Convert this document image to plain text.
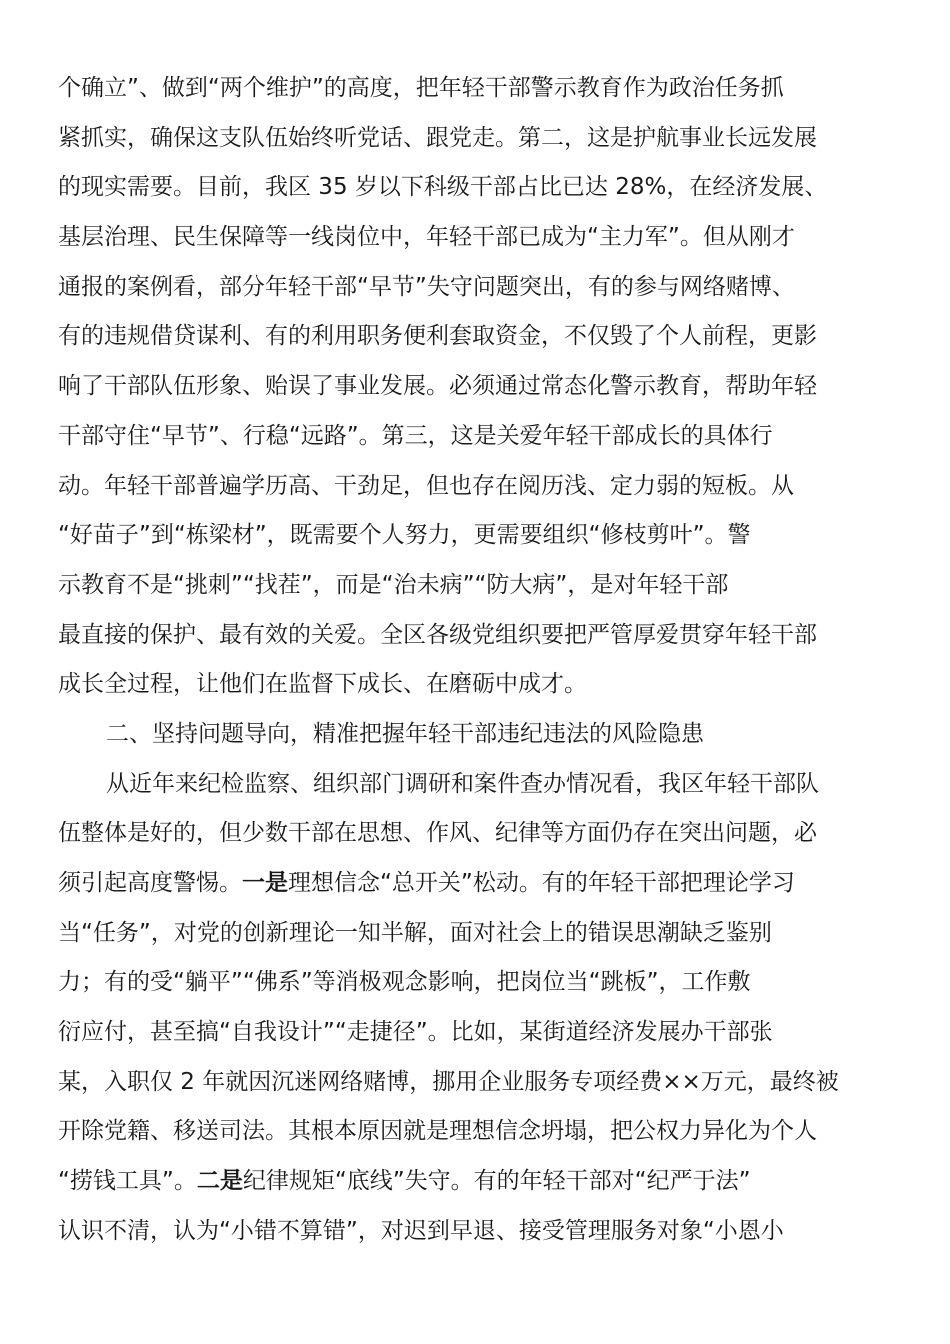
个确立”、做到“两个维护”的高度，把年轻干部警示教育作为政治任务抓
紧抓实，确保这支队伍始终听党话、跟党走。第二，这是护航事业长远发展
的现实需要。目前，我区 35 岁以下科级干部占比已达 28%，在经济发展、
基层治理、民生保障等一线岗位中，年轻干部已成为“主力军”。但从刚才
通报的案例看，部分年轻干部“早节”失守问题突出，有的参与网络赌博、
有的违规借贷谋利、有的利用职务便利套取资金，不仅毁了个人前程，更影
响了干部队伍形象、贻误了事业发展。必须通过常态化警示教育，帮助年轻
干部守住“早节”、行稳“远路”。第三，这是关爱年轻干部成长的具体行
动。年轻干部普遍学历高、干劲足，但也存在阅历浅、定力弱的短板。从
“好苗子”到“栋梁材”，既需要个人努力，更需要组织“修枝剪叶”。警
示教育不是“挑刺”“找茬”，而是“治未病”“防大病”，是对年轻干部
最直接的保护、最有效的关爱。全区各级党组织要把严管厚爱贯穿年轻干部
成长全过程，让他们在监督下成长、在磨砺中成才。
二、坚持问题导向，精准把握年轻干部违纪违法的风险隐患
从近年来纪检监察、组织部门调研和案件查办情况看，我区年轻干部队
伍整体是好的，但少数干部在思想、作风、纪律等方面仍存在突出问题，必
须引起高度警惕。一是理想信念“总开关”松动。有的年轻干部把理论学习
当“任务”，对党的创新理论一知半解，面对社会上的错误思潮缺乏鉴别
力；有的受“躺平”“佛系”等消极观念影响，把岗位当“跳板”，工作敷
衍应付，甚至搞“自我设计”“走捷径”。比如，某街道经济发展办干部张
某，入职仅 2 年就因沉迷网络赌博，挪用企业服务专项经费××万元，最终被
开除党籍、移送司法。其根本原因就是理想信念坍塌，把公权力异化为个人
“捞钱工具”。二是纪律规矩“底线”失守。有的年轻干部对“纪严于法”
认识不清，认为“小错不算错”，对迟到早退、接受管理服务对象“小恩小
